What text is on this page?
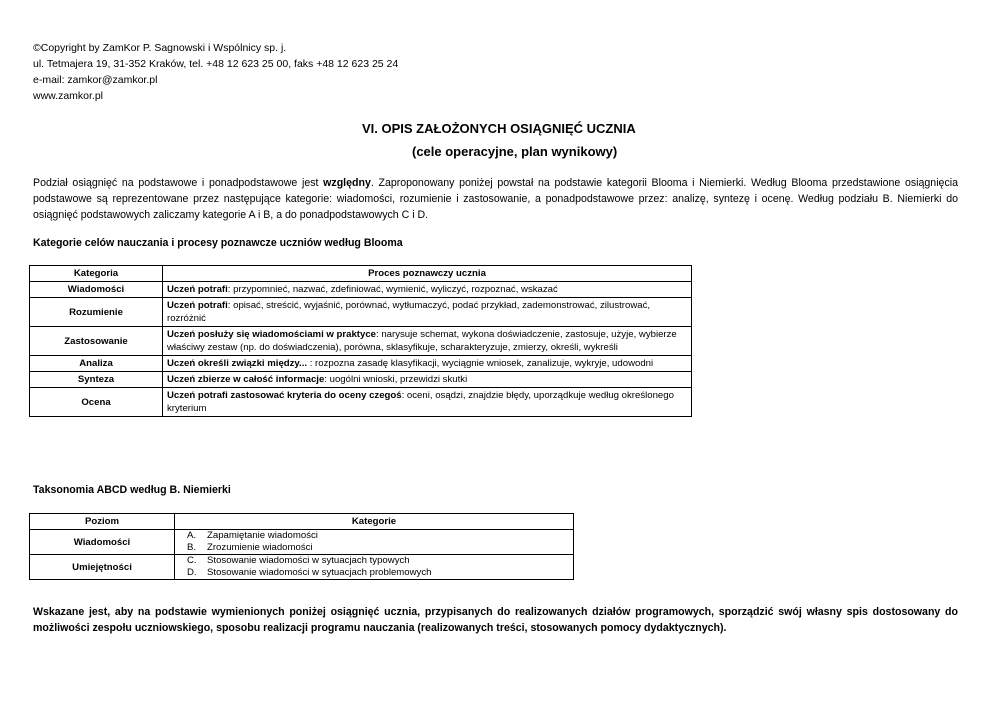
©Copyright by ZamKor P. Sagnowski i Wspólnicy sp. j.
ul. Tetmajera 19, 31-352 Kraków, tel. +48 12 623 25 00, faks +48 12 623 25 24
e-mail: zamkor@zamkor.pl
www.zamkor.pl
VI. OPIS ZAŁOŻONYCH OSIĄGNIĘĆ UCZNIA
(cele operacyjne, plan wynikowy)
Podział osiągnięć na podstawowe i ponadpodstawowe jest względny. Zaproponowany poniżej powstał na podstawie kategorii Blooma i Niemierki. Według Blooma przedstawione osiągnięcia podstawowe są reprezentowane przez następujące kategorie: wiadomości, rozumienie i zastosowanie, a ponadpodstawowe przez: analizę, syntezę i ocenę. Według podziału B. Niemierki do osiągnięć podstawowych zaliczamy kategorie A i B, a do ponadpodstawowych C i D.
Kategorie celów nauczania i procesy poznawcze uczniów według Blooma
Kategoria	Proces poznawczy ucznia
Wiadomości	Uczeń potrafi: przypomnieć, nazwać, zdefiniować, wymienić, wyliczyć, rozpoznać, wskazać
Rozumienie	Uczeń potrafi: opisać, streścić, wyjaśnić, porównać, wytłumaczyć, podać przykład, zademonstrować, zilustrować, rozróżnić
Zastosowanie	Uczeń posłuży się wiadomościami w praktyce: narysuje schemat, wykona doświadczenie, zastosuje, użyje, wybierze właściwy zestaw (np. do doświadczenia), porówna, sklasyfikuje, scharakteryzuje, zmierzy, określi, wykreśli
Analiza	Uczeń określi związki między... : rozpozna zasadę klasyfikacji, wyciągnie wniosek, zanalizuje, wykryje, udowodni
Synteza	Uczeń zbierze w całość informacje: uogólni wnioski, przewidzi skutki
Ocena	Uczeń potrafi zastosować kryteria do oceny czegoś: oceni, osądzi, znajdzie błędy, uporządkuje według określonego kryterium
Taksonomia ABCD według B. Niemierki
Poziom	Kategorie
Wiadomości	A. Zapamiętanie wiadomości
B. Zrozumienie wiadomości

Umiejętności	C. Stosowanie wiadomości w sytuacjach typowych
D. Stosowanie wiadomości w sytuacjach problemowych
Wskazane jest, aby na podstawie wymienionych poniżej osiągnięć ucznia, przypisanych do realizowanych działów programowych, sporządzić swój własny spis dostosowany do możliwości zespołu uczniowskiego, sposobu realizacji programu nauczania (realizowanych treści, stosowanych pomocy dydaktycznych).
